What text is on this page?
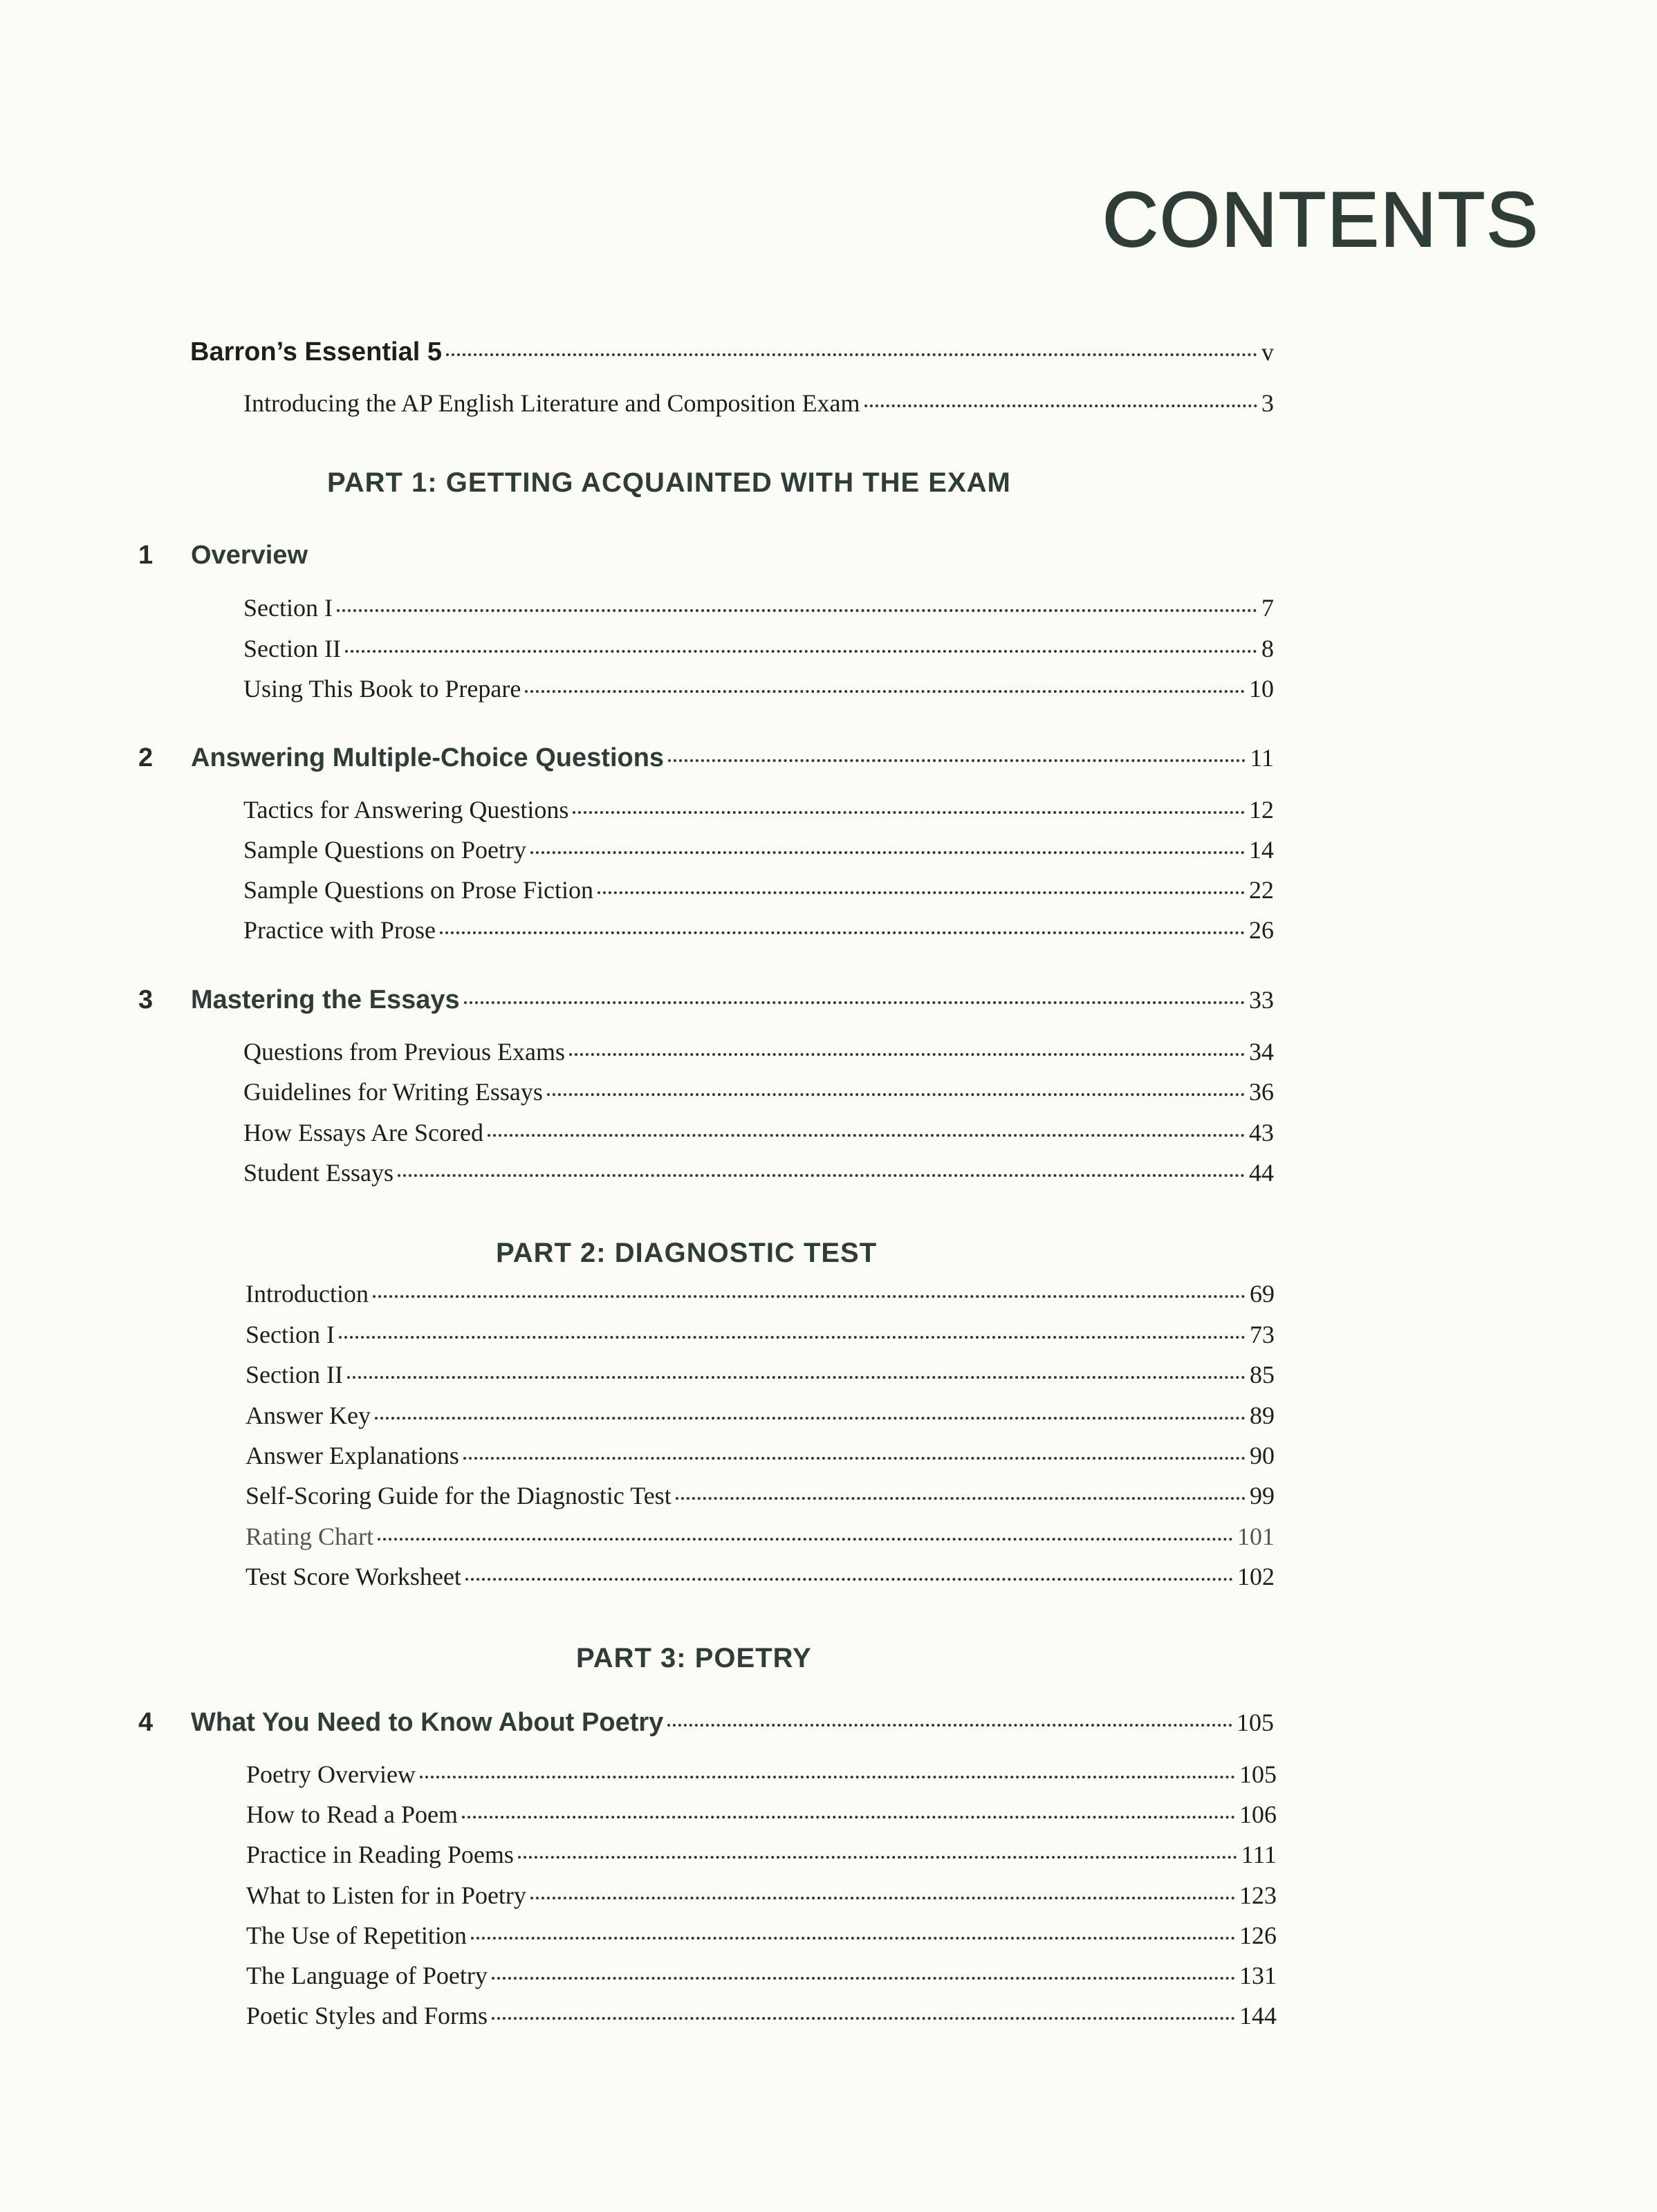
CONTENTS
Barron’s Essential 5	v
Introducing the AP English Literature and Composition Exam	3
PART 1: GETTING ACQUAINTED WITH THE EXAM
1	Overview
Section I	7
Section II	8
Using This Book to Prepare	10
2	Answering Multiple-Choice Questions	11
Tactics for Answering Questions	12
Sample Questions on Poetry	14
Sample Questions on Prose Fiction	22
Practice with Prose	26
3	Mastering the Essays	33
Questions from Previous Exams	34
Guidelines for Writing Essays	36
How Essays Are Scored	43
Student Essays	44
PART 2: DIAGNOSTIC TEST
Introduction	69
Section I	73
Section II	85
Answer Key	89
Answer Explanations	90
Self-Scoring Guide for the Diagnostic Test	99
Rating Chart	101
Test Score Worksheet	102
PART 3: POETRY
4	What You Need to Know About Poetry	105
Poetry Overview	105
How to Read a Poem	106
Practice in Reading Poems	111
What to Listen for in Poetry	123
The Use of Repetition	126
The Language of Poetry	131
Poetic Styles and Forms	144
